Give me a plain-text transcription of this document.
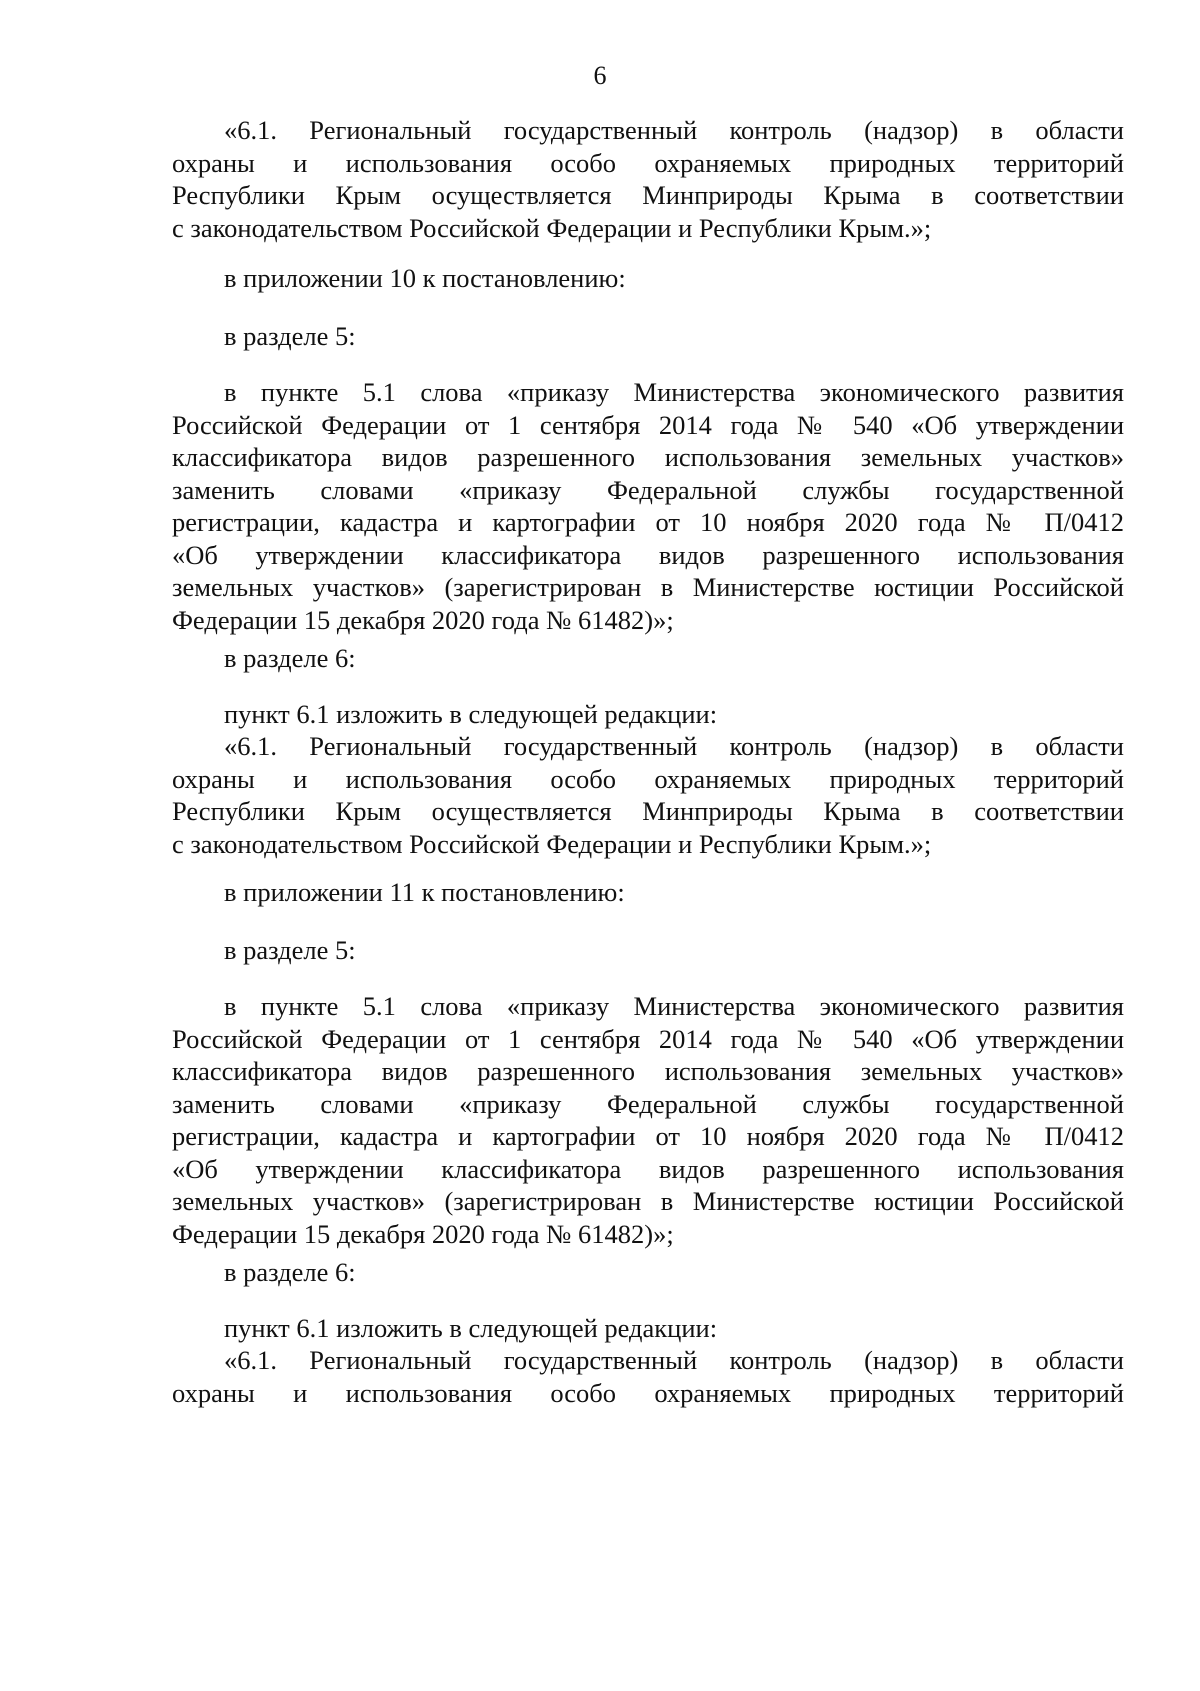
6
«6.1. Региональный государственный контроль (надзор) в области
охраны и использования особо охраняемых природных территорий
Республики Крым осуществляется Минприроды Крыма в соответствии
с законодательством Российской Федерации и Республики Крым.»;
в приложении 10 к постановлению:
в разделе 5:
в пункте 5.1 слова «приказу Министерства экономического развития
Российской Федерации от 1 сентября 2014 года № 540 «Об утверждении
классификатора видов разрешенного использования земельных участков»
заменить словами «приказу Федеральной службы государственной
регистрации, кадастра и картографии от 10 ноября 2020 года № П/0412
«Об утверждении классификатора видов разрешенного использования
земельных участков» (зарегистрирован в Министерстве юстиции Российской
Федерации 15 декабря 2020 года № 61482)»;
в разделе 6:
пункт 6.1 изложить в следующей редакции:
«6.1. Региональный государственный контроль (надзор) в области
охраны и использования особо охраняемых природных территорий
Республики Крым осуществляется Минприроды Крыма в соответствии
с законодательством Российской Федерации и Республики Крым.»;
в приложении 11 к постановлению:
в разделе 5:
в пункте 5.1 слова «приказу Министерства экономического развития
Российской Федерации от 1 сентября 2014 года № 540 «Об утверждении
классификатора видов разрешенного использования земельных участков»
заменить словами «приказу Федеральной службы государственной
регистрации, кадастра и картографии от 10 ноября 2020 года № П/0412
«Об утверждении классификатора видов разрешенного использования
земельных участков» (зарегистрирован в Министерстве юстиции Российской
Федерации 15 декабря 2020 года № 61482)»;
в разделе 6:
пункт 6.1 изложить в следующей редакции:
«6.1. Региональный государственный контроль (надзор) в области
охраны и использования особо охраняемых природных территорий
